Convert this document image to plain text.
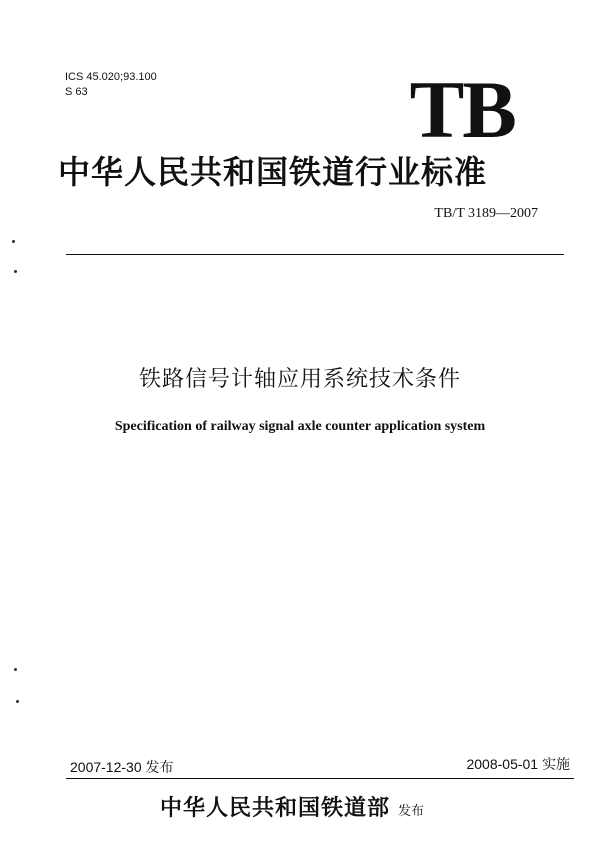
ICS 45.020;93.100
S 63	TB
中华人民共和国铁道行业标准
TB/T 3189—2007
铁路信号计轴应用系统技术条件
Specification of railway signal axle counter application system
2007-12-30 发布	2008-05-01 实施
中华人民共和国铁道部 发布
